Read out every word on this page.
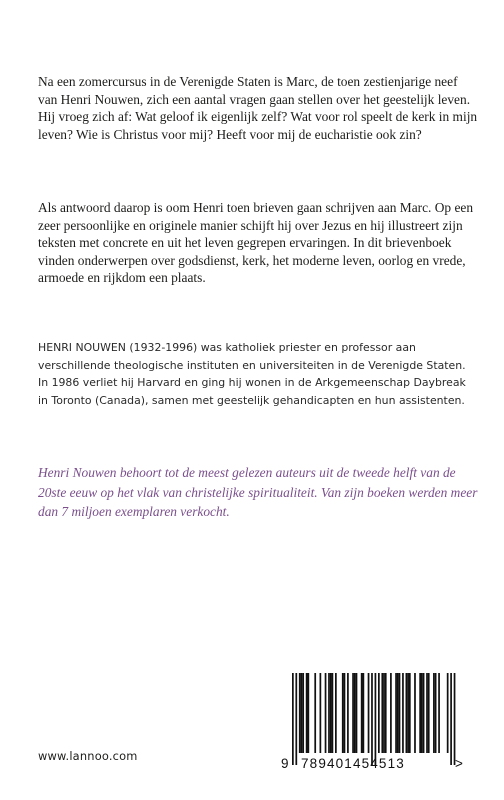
Na een zomercursus in de Verenigde Staten is Marc, de toen zestienjarige neef van Henri Nouwen, zich een aantal vragen gaan stellen over het geestelijk leven. Hij vroeg zich af: Wat geloof ik eigenlijk zelf? Wat voor rol speelt de kerk in mijn leven? Wie is Christus voor mij? Heeft voor mij de eucharistie ook zin?

Als antwoord daarop is oom Henri toen brieven gaan schrijven aan Marc. Op een zeer persoonlijke en originele manier schijft hij over Jezus en hij illustreert zijn teksten met concrete en uit het leven gegrepen ervaringen. In dit brievenboek vinden onderwerpen over godsdienst, kerk, het moderne leven, oorlog en vrede, armoede en rijkdom een plaats.

HENRI NOUWEN (1932-1996) was katholiek priester en professor aan verschillende theologische instituten en universiteiten in de Verenigde Staten. In 1986 verliet hij Harvard en ging hij wonen in de Arkgemeenschap Daybreak in Toronto (Canada), samen met geestelijk gehandicapten en hun assistenten.

Henri Nouwen behoort tot de meest gelezen auteurs uit de tweede helft van de 20ste eeuw op het vlak van christelijke spiritualiteit. Van zijn boeken werden meer dan 7 miljoen exemplaren verkocht.

www.lannoo.com	9 789401454513	>
